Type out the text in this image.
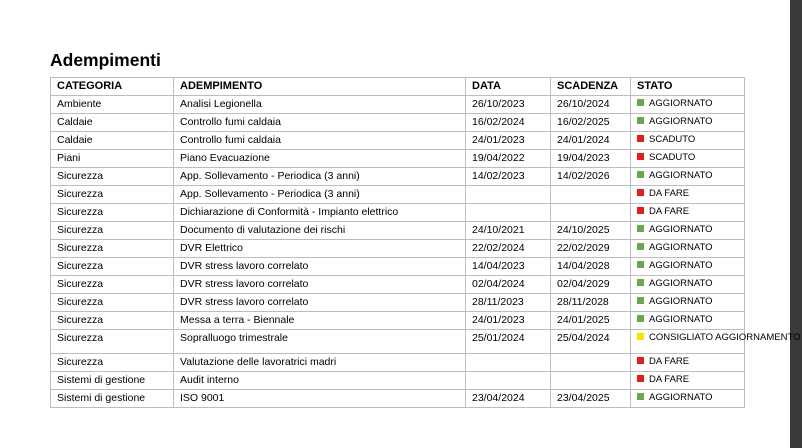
Adempimenti
CATEGORIA	ADEMPIMENTO	DATA	SCADENZA	STATO
Ambiente	Analisi Legionella	26/10/2023	26/10/2024	AGGIORNATO
Caldaie	Controllo fumi caldaia	16/02/2024	16/02/2025	AGGIORNATO
Caldaie	Controllo fumi caldaia	24/01/2023	24/01/2024	SCADUTO
Piani	Piano Evacuazione	19/04/2022	19/04/2023	SCADUTO
Sicurezza	App. Sollevamento - Periodica (3 anni)	14/02/2023	14/02/2026	AGGIORNATO
Sicurezza	App. Sollevamento - Periodica (3 anni)			DA FARE
Sicurezza	Dichiarazione di Conformità - Impianto elettrico			DA FARE
Sicurezza	Documento di valutazione dei rischi	24/10/2021	24/10/2025	AGGIORNATO
Sicurezza	DVR Elettrico	22/02/2024	22/02/2029	AGGIORNATO
Sicurezza	DVR stress lavoro correlato	14/04/2023	14/04/2028	AGGIORNATO
Sicurezza	DVR stress lavoro correlato	02/04/2024	02/04/2029	AGGIORNATO
Sicurezza	DVR stress lavoro correlato	28/11/2023	28/11/2028	AGGIORNATO
Sicurezza	Messa a terra - Biennale	24/01/2023	24/01/2025	AGGIORNATO
Sicurezza	Sopralluogo trimestrale	25/01/2024	25/04/2024	CONSIGLIATO AGGIORNAMENTO
Sicurezza	Valutazione delle lavoratrici madri			DA FARE
Sistemi di gestione	Audit interno			DA FARE
Sistemi di gestione	ISO 9001	23/04/2024	23/04/2025	AGGIORNATO
